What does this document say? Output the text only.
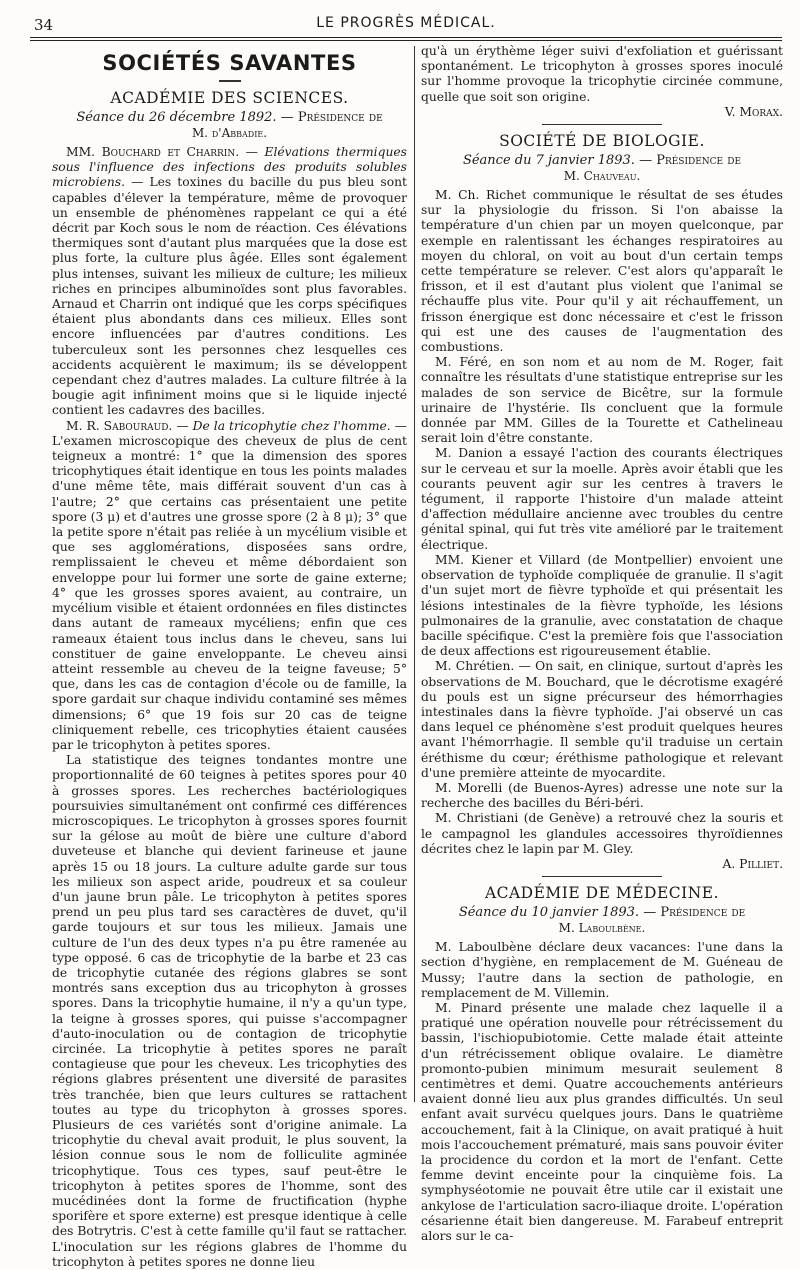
34	LE PROGRÈS MÉDICAL.
SOCIÉTÉS SAVANTES
ACADÉMIE DES SCIENCES.
Séance du 26 décembre 1892. — Présidence de
M. d'Abbadie.

MM. Bouchard et Charrin. — Elévations thermiques sous l'influence des infections des produits solubles microbiens. — Les toxines du bacille du pus bleu sont capables d'élever la température, même de provoquer un ensemble de phénomènes rappelant ce qui a été décrit par Koch sous le nom de réaction. Ces élévations thermiques sont d'autant plus marquées que la dose est plus forte, la culture plus âgée. Elles sont également plus intenses, suivant les milieux de culture; les milieux riches en principes albuminoïdes sont plus favorables. Arnaud et Charrin ont indiqué que les corps spécifiques étaient plus abondants dans ces milieux. Elles sont encore influencées par d'autres conditions. Les tuberculeux sont les personnes chez lesquelles ces accidents acquièrent le maximum; ils se développent cependant chez d'autres malades. La culture filtrée à la bougie agit infiniment moins que si le liquide injecté contient les cadavres des bacilles.

M. R. Sabouraud. — De la tricophytie chez l'homme. — L'examen microscopique des cheveux de plus de cent teigneux a montré: 1° que la dimension des spores tricophytiques était identique en tous les points malades d'une même tête, mais différait souvent d'un cas à l'autre; 2° que certains cas présentaient une petite spore (3 μ) et d'autres une grosse spore (2 à 8 μ); 3° que la petite spore n'était pas reliée à un mycélium visible et que ses agglomérations, disposées sans ordre, remplissaient le cheveu et même débordaient son enveloppe pour lui former une sorte de gaine externe; 4° que les grosses spores avaient, au contraire, un mycélium visible et étaient ordonnées en files distinctes dans autant de rameaux mycéliens; enfin que ces rameaux étaient tous inclus dans le cheveu, sans lui constituer de gaine enveloppante. Le cheveu ainsi atteint ressemble au cheveu de la teigne faveuse; 5° que, dans les cas de contagion d'école ou de famille, la spore gardait sur chaque individu contaminé ses mêmes dimensions; 6° que 19 fois sur 20 cas de teigne cliniquement rebelle, ces tricophyties étaient causées par le tricophyton à petites spores.

La statistique des teignes tondantes montre une proportionnalité de 60 teignes à petites spores pour 40 à grosses spores. Les recherches bactériologiques poursuivies simultanément ont confirmé ces différences microscopiques. Le tricophyton à grosses spores fournit sur la gélose au moût de bière une culture d'abord duveteuse et blanche qui devient farineuse et jaune après 15 ou 18 jours. La culture adulte garde sur tous les milieux son aspect aride, poudreux et sa couleur d'un jaune brun pâle. Le tricophyton à petites spores prend un peu plus tard ses caractères de duvet, qu'il garde toujours et sur tous les milieux. Jamais une culture de l'un des deux types n'a pu être ramenée au type opposé. 6 cas de tricophytie de la barbe et 23 cas de tricophytie cutanée des régions glabres se sont montrés sans exception dus au tricophyton à grosses spores. Dans la tricophytie humaine, il n'y a qu'un type, la teigne à grosses spores, qui puisse s'accompagner d'auto-inoculation ou de contagion de tricophytie circinée. La tricophytie à petites spores ne paraît contagieuse que pour les cheveux. Les tricophyties des régions glabres présentent une diversité de parasites très tranchée, bien que leurs cultures se rattachent toutes au type du tricophyton à grosses spores. Plusieurs de ces variétés sont d'origine animale. La tricophytie du cheval avait produit, le plus souvent, la lésion connue sous le nom de folliculite agminée tricophytique. Tous ces types, sauf peut-être le tricophyton à petites spores de l'homme, sont des mucédinées dont la forme de fructification (hyphe sporifère et spore externe) est presque identique à celle des Botrytris. C'est à cette famille qu'il faut se rattacher. L'inoculation sur les régions glabres de l'homme du tricophyton à petites spores ne donne lieu

qu'à un érythème léger suivi d'exfoliation et guérissant spontanément. Le tricophyton à grosses spores inoculé sur l'homme provoque la tricophytie circinée commune, quelle que soit son origine.

V. Morax.

SOCIÉTÉ DE BIOLOGIE.
Séance du 7 janvier 1893. — Présidence de
M. Chauveau.

M. Ch. Richet communique le résultat de ses études sur la physiologie du frisson. Si l'on abaisse la température d'un chien par un moyen quelconque, par exemple en ralentissant les échanges respiratoires au moyen du chloral, on voit au bout d'un certain temps cette température se relever. C'est alors qu'apparaît le frisson, et il est d'autant plus violent que l'animal se réchauffe plus vite. Pour qu'il y ait réchauffement, un frisson énergique est donc nécessaire et c'est le frisson qui est une des causes de l'augmentation des combustions.

M. Féré, en son nom et au nom de M. Roger, fait connaître les résultats d'une statistique entreprise sur les malades de son service de Bicêtre, sur la formule urinaire de l'hystérie. Ils concluent que la formule donnée par MM. Gilles de la Tourette et Cathelineau serait loin d'être constante.

M. Danion a essayé l'action des courants électriques sur le cerveau et sur la moelle. Après avoir établi que les courants peuvent agir sur les centres à travers le tégument, il rapporte l'histoire d'un malade atteint d'affection médullaire ancienne avec troubles du centre génital spinal, qui fut très vite amélioré par le traitement électrique.

MM. Kiener et Villard (de Montpellier) envoient une observation de typhoïde compliquée de granulie. Il s'agit d'un sujet mort de fièvre typhoïde et qui présentait les lésions intestinales de la fièvre typhoïde, les lésions pulmonaires de la granulie, avec constatation de chaque bacille spécifique. C'est la première fois que l'association de deux affections est rigoureusement établie.

M. Chrétien. — On sait, en clinique, surtout d'après les observations de M. Bouchard, que le décrotisme exagéré du pouls est un signe précurseur des hémorrhagies intestinales dans la fièvre typhoïde. J'ai observé un cas dans lequel ce phénomène s'est produit quelques heures avant l'hémorrhagie. Il semble qu'il traduise un certain éréthisme du cœur; éréthisme pathologique et relevant d'une première atteinte de myocardite.

M. Morelli (de Buenos-Ayres) adresse une note sur la recherche des bacilles du Béri-béri.

M. Christiani (de Genève) a retrouvé chez la souris et le campagnol les glandules accessoires thyroïdiennes décrites chez le lapin par M. Gley.

A. Pilliet.

ACADÉMIE DE MÉDECINE.
Séance du 10 janvier 1893. — Présidence de
M. Laboulbène.

M. Laboulbène déclare deux vacances: l'une dans la section d'hygiène, en remplacement de M. Guéneau de Mussy; l'autre dans la section de pathologie, en remplacement de M. Villemin.

M. Pinard présente une malade chez laquelle il a pratiqué une opération nouvelle pour rétrécissement du bassin, l'ischiopubiotomie. Cette malade était atteinte d'un rétrécissement oblique ovalaire. Le diamètre promonto-pubien minimum mesurait seulement 8 centimètres et demi. Quatre accouchements antérieurs avaient donné lieu aux plus grandes difficultés. Un seul enfant avait survécu quelques jours. Dans le quatrième accouchement, fait à la Clinique, on avait pratiqué à huit mois l'accouchement prématuré, mais sans pouvoir éviter la procidence du cordon et la mort de l'enfant. Cette femme devint enceinte pour la cinquième fois. La symphyséotomie ne pouvait être utile car il existait une ankylose de l'articulation sacro-iliaque droite. L'opération césarienne était bien dangereuse. M. Farabeuf entreprit alors sur le ca-
